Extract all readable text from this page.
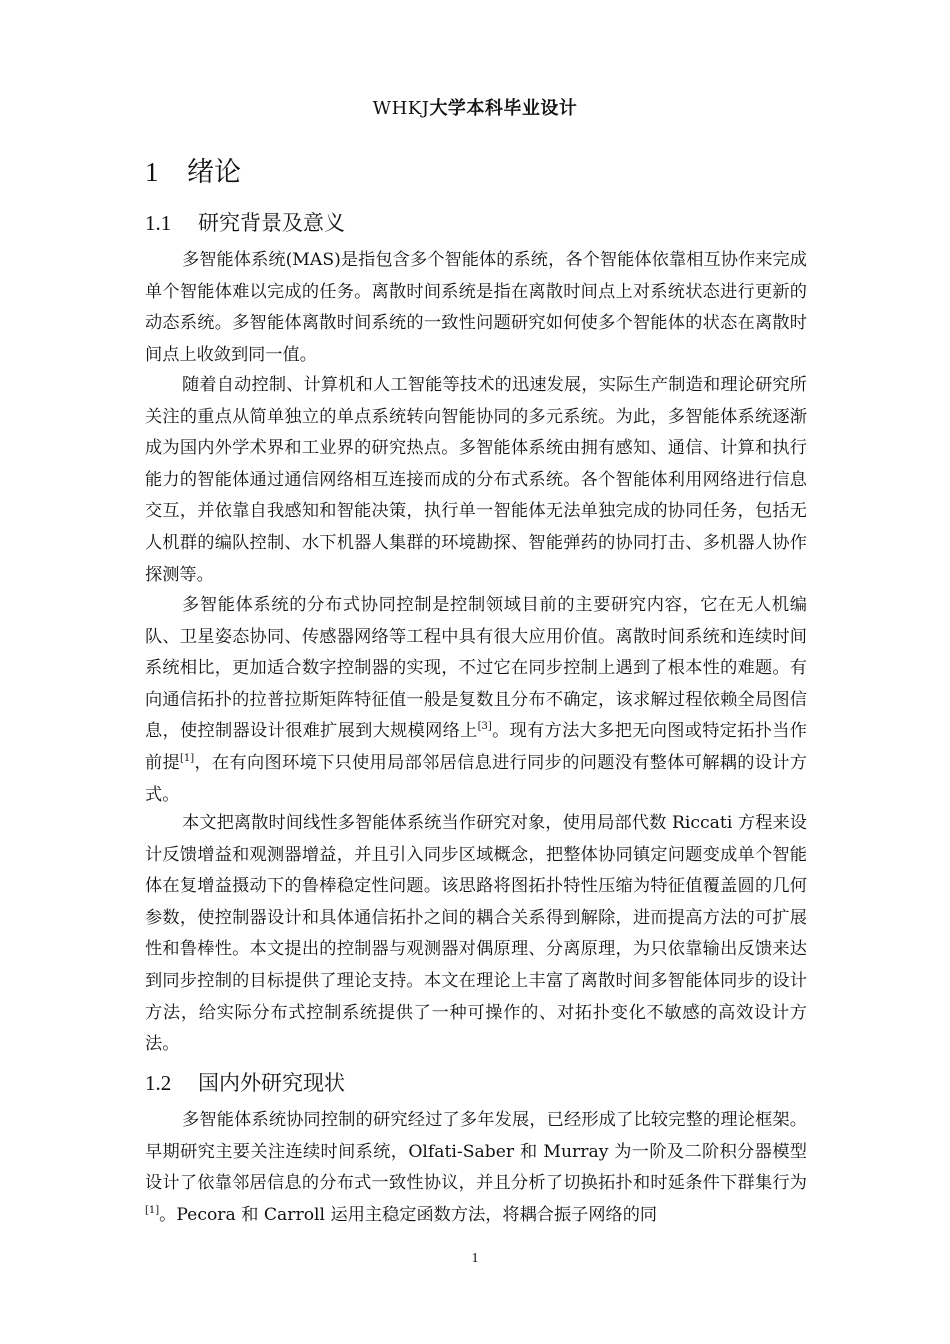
WHKJ大学本科毕业设计
1 绪论
1.1 研究背景及意义

多智能体系统(MAS)是指包含多个智能体的系统，各个智能体依靠相互协作来完成单个智能体难以完成的任务。离散时间系统是指在离散时间点上对系统状态进行更新的动态系统。多智能体离散时间系统的一致性问题研究如何使多个智能体的状态在离散时间点上收敛到同一值。

随着自动控制、计算机和人工智能等技术的迅速发展，实际生产制造和理论研究所关注的重点从简单独立的单点系统转向智能协同的多元系统。为此，多智能体系统逐渐成为国内外学术界和工业界的研究热点。多智能体系统由拥有感知、通信、计算和执行能力的智能体通过通信网络相互连接而成的分布式系统。各个智能体利用网络进行信息交互，并依靠自我感知和智能决策，执行单一智能体无法单独完成的协同任务，包括无人机群的编队控制、水下机器人集群的环境勘探、智能弹药的协同打击、多机器人协作探测等。

多智能体系统的分布式协同控制是控制领域目前的主要研究内容，它在无人机编队、卫星姿态协同、传感器网络等工程中具有很大应用价值。离散时间系统和连续时间系统相比，更加适合数字控制器的实现，不过它在同步控制上遇到了根本性的难题。有向通信拓扑的拉普拉斯矩阵特征值一般是复数且分布不确定，该求解过程依赖全局图信息，使控制器设计很难扩展到大规模网络上[3]。现有方法大多把无向图或特定拓扑当作前提[1]，在有向图环境下只使用局部邻居信息进行同步的问题没有整体可解耦的设计方式。

本文把离散时间线性多智能体系统当作研究对象，使用局部代数 Riccati 方程来设计反馈增益和观测器增益，并且引入同步区域概念，把整体协同镇定问题变成单个智能体在复增益摄动下的鲁棒稳定性问题。该思路将图拓扑特性压缩为特征值覆盖圆的几何参数，使控制器设计和具体通信拓扑之间的耦合关系得到解除，进而提高方法的可扩展性和鲁棒性。本文提出的控制器与观测器对偶原理、分离原理，为只依靠输出反馈来达到同步控制的目标提供了理论支持。本文在理论上丰富了离散时间多智能体同步的设计方法，给实际分布式控制系统提供了一种可操作的、对拓扑变化不敏感的高效设计方法。

1.2 国内外研究现状

多智能体系统协同控制的研究经过了多年发展，已经形成了比较完整的理论框架。早期研究主要关注连续时间系统，Olfati-Saber 和 Murray 为一阶及二阶积分器模型设计了依靠邻居信息的分布式一致性协议，并且分析了切换拓扑和时延条件下群集行为[1]。Pecora 和 Carroll 运用主稳定函数方法，将耦合振子网络的同

1
